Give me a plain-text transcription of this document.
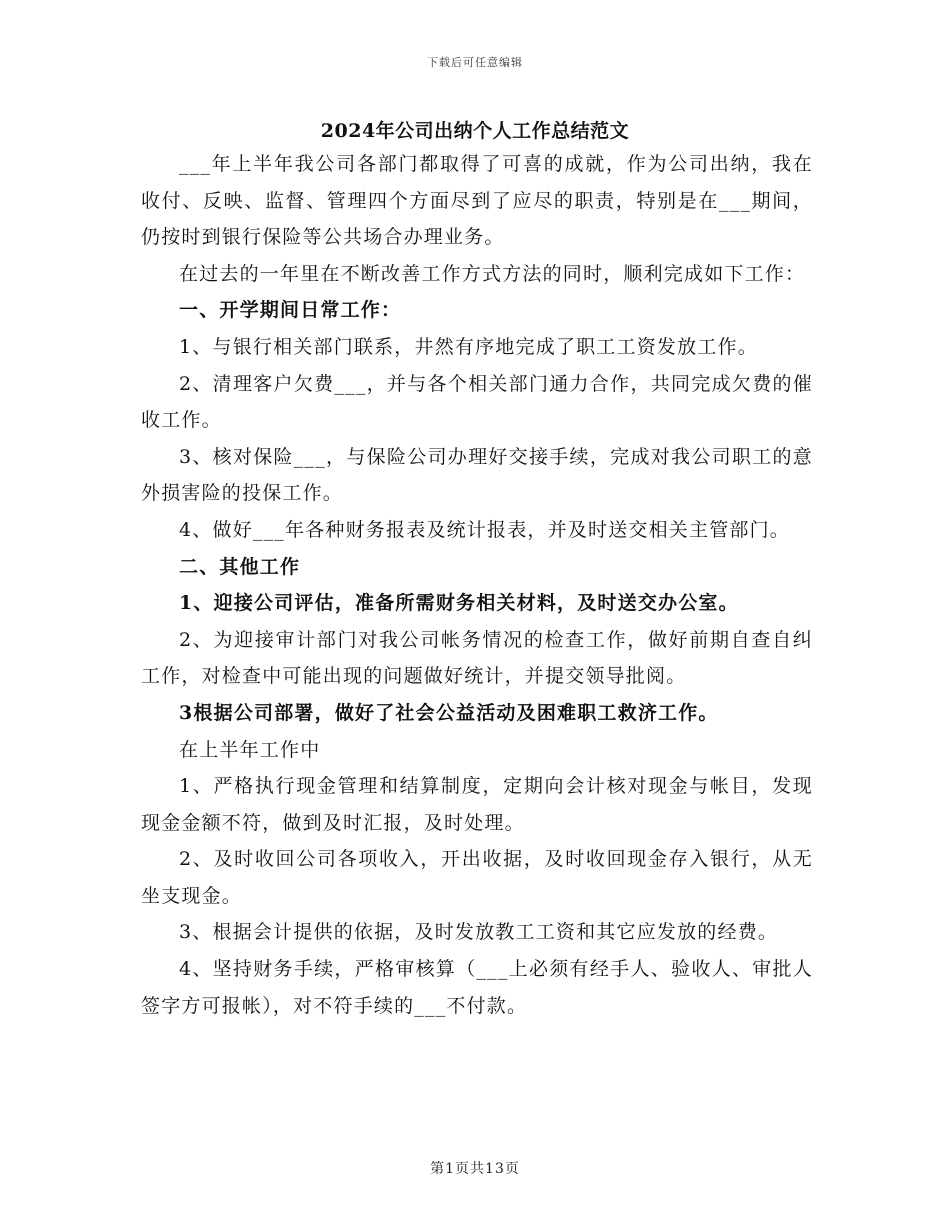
下载后可任意编辑
2024年公司出纳个人工作总结范文

___年上半年我公司各部门都取得了可喜的成就，作为公司出纳，我在收付、反映、监督、管理四个方面尽到了应尽的职责，特别是在___期间，仍按时到银行保险等公共场合办理业务。

在过去的一年里在不断改善工作方式方法的同时，顺利完成如下工作：

一、开学期间日常工作：

1、与银行相关部门联系，井然有序地完成了职工工资发放工作。

2、清理客户欠费___，并与各个相关部门通力合作，共同完成欠费的催收工作。

3、核对保险___，与保险公司办理好交接手续，完成对我公司职工的意外损害险的投保工作。

4、做好___年各种财务报表及统计报表，并及时送交相关主管部门。

二、其他工作

1、迎接公司评估，准备所需财务相关材料，及时送交办公室。

2、为迎接审计部门对我公司帐务情况的检查工作，做好前期自查自纠工作，对检查中可能出现的问题做好统计，并提交领导批阅。

3根据公司部署，做好了社会公益活动及困难职工救济工作。

在上半年工作中

1、严格执行现金管理和结算制度，定期向会计核对现金与帐目，发现现金金额不符，做到及时汇报，及时处理。

2、及时收回公司各项收入，开出收据，及时收回现金存入银行，从无坐支现金。

3、根据会计提供的依据，及时发放教工工资和其它应发放的经费。

4、坚持财务手续，严格审核算（___上必须有经手人、验收人、审批人签字方可报帐），对不符手续的___不付款。

第1页共13页
